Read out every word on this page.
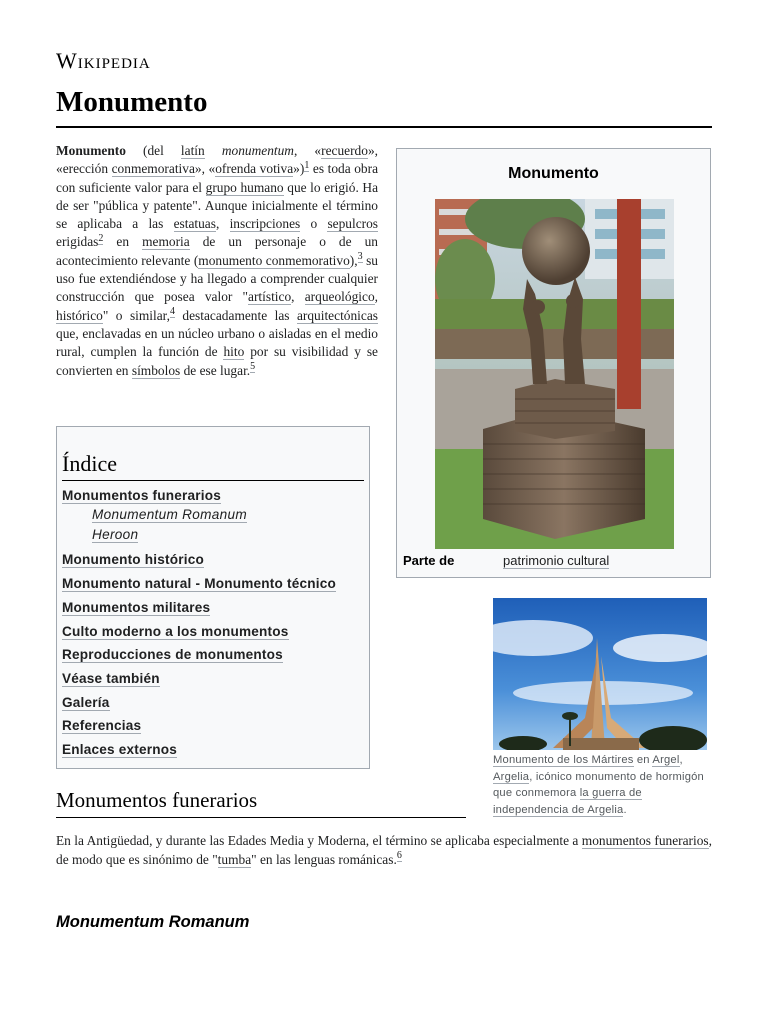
Wikipedia
Monumento

Monumento (del latín monumentum, «recuerdo», «erección conmemorativa», «ofrenda votiva»)$^1$ es toda obra con suficiente valor para el grupo humano que lo erigió. Ha de ser "pública y patente". Aunque inicialmente el término se aplicaba a las estatuas, inscripciones o sepulcros erigidas$^2$ en memoria de un personaje o de un acontecimiento relevante (monumento conmemorativo),$^3$ su uso fue extendiéndose y ha llegado a comprender cualquier construcción que posea valor "artístico, arqueológico, histórico" o similar,$^4$ destacadamente las arquitectónicas que, enclavadas en un núcleo urbano o aisladas en el medio rural, cumplen la función de hito por su visibilidad y se convierten en símbolos de ese lugar.$^5$

Monumento
Parte de	patrimonio cultural
Monumento de los Mártires en Argel, Argelia, icónico monumento de hormigón que conmemora la guerra de independencia de Argelia.
Índice
Monumentos funerarios
Monumentum Romanum
Heroon
Monumento histórico
Monumento natural - Monumento técnico
Monumentos militares
Culto moderno a los monumentos
Reproducciones de monumentos
Véase también
Galería
Referencias
Enlaces externos
Monumentos funerarios

En la Antigüedad, y durante las Edades Media y Moderna, el término se aplicaba especialmente a monumentos funerarios, de modo que es sinónimo de "tumba" en las lenguas románicas.$^6$

Monumentum Romanum
